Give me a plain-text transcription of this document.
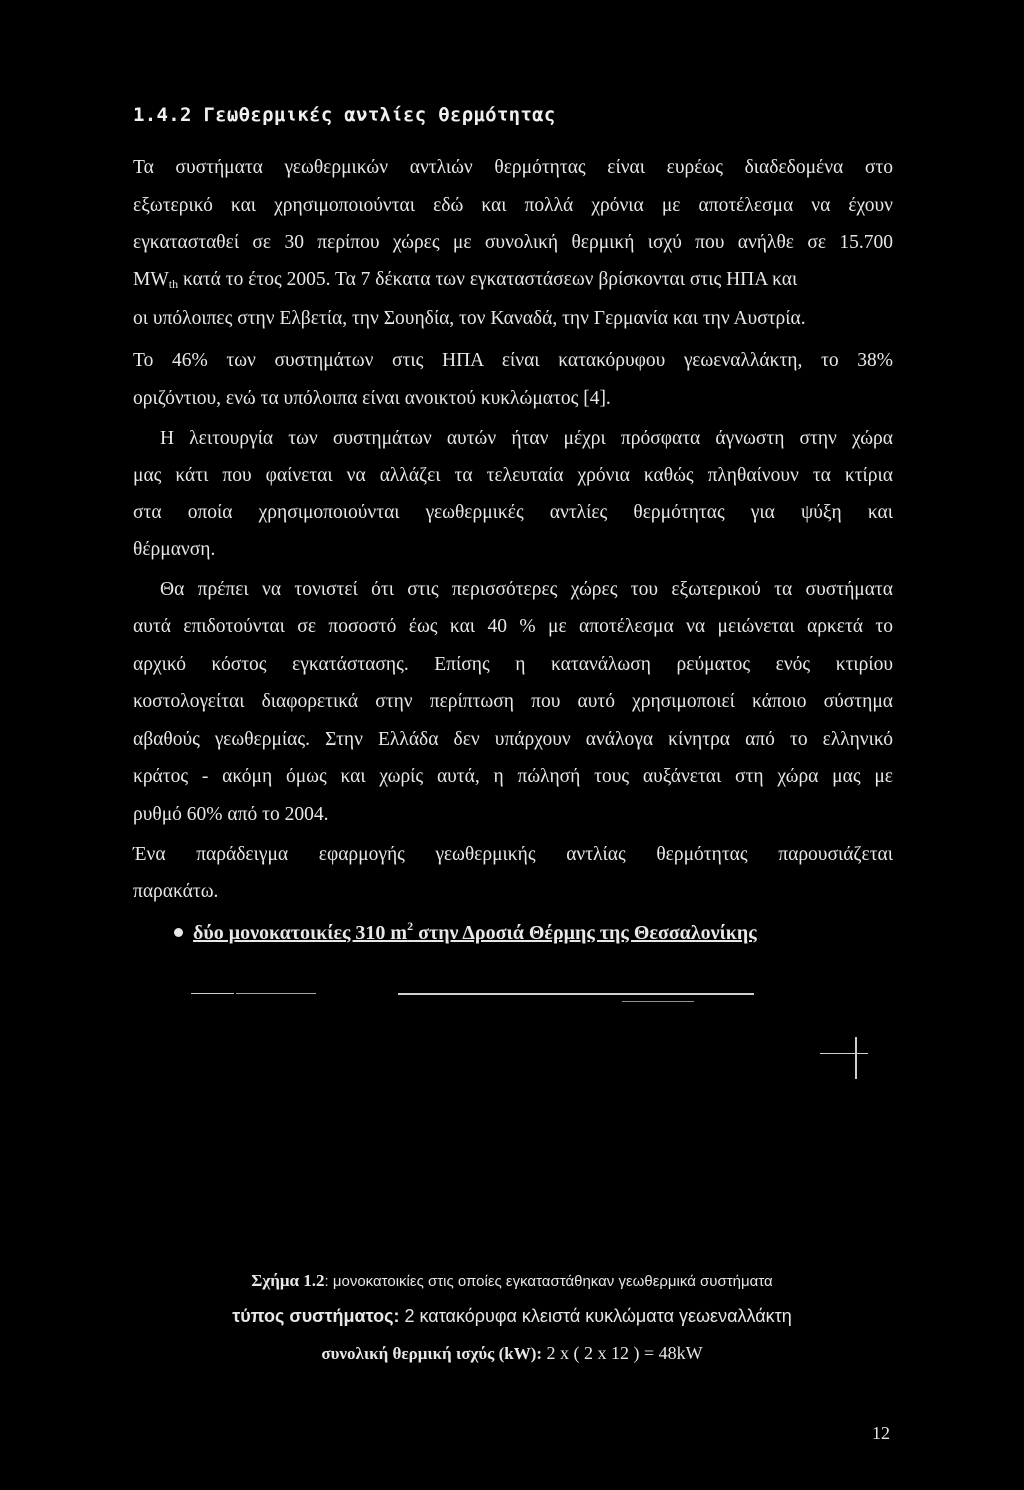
1.4.2 Γεωθερμικές αντλίες θερμότητας
Τα συστήματα γεωθερμικών αντλιών θερμότητας είναι ευρέως διαδεδομένα στο
εξωτερικό και χρησιμοποιούνται εδώ και πολλά χρόνια με αποτέλεσμα να έχουν
εγκατασταθεί σε 30 περίπου χώρες με συνολική θερμική ισχύ που ανήλθε σε 15.700
$MW_{th}$ κατά το έτος 2005. Τα 7 δέκατα των εγκαταστάσεων βρίσκονται στις ΗΠΑ και
οι υπόλοιπες στην Ελβετία, την Σουηδία, τον Καναδά, την Γερμανία και την Αυστρία.
Το 46% των συστημάτων στις ΗΠΑ είναι κατακόρυφου γεωεναλλάκτη, το 38%
οριζόντιου, ενώ τα υπόλοιπα είναι ανοικτού κυκλώματος [4].
Η λειτουργία των συστημάτων αυτών ήταν μέχρι πρόσφατα άγνωστη στην χώρα
μας κάτι που φαίνεται να αλλάζει τα τελευταία χρόνια καθώς πληθαίνουν τα κτίρια
στα οποία χρησιμοποιούνται γεωθερμικές αντλίες θερμότητας για ψύξη και
θέρμανση.
Θα πρέπει να τονιστεί ότι στις περισσότερες χώρες του εξωτερικού τα συστήματα
αυτά επιδοτούνται σε ποσοστό έως και 40 % με αποτέλεσμα να μειώνεται αρκετά το
αρχικό κόστος εγκατάστασης. Επίσης η κατανάλωση ρεύματος ενός κτιρίου
κοστολογείται διαφορετικά στην περίπτωση που αυτό χρησιμοποιεί κάποιο σύστημα
αβαθούς γεωθερμίας. Στην Ελλάδα δεν υπάρχουν ανάλογα κίνητρα από το ελληνικό
κράτος - ακόμη όμως και χωρίς αυτά, η πώλησή τους αυξάνεται στη χώρα μας με
ρυθμό 60% από το 2004.
Ένα παράδειγμα εφαρμογής γεωθερμικής αντλίας θερμότητας παρουσιάζεται
παρακάτω.
δύο μονοκατοικίες 310 $m^2$ στην Δροσιά Θέρμης της Θεσσαλονίκης
Σχήμα 1.2: μονοκατοικίες στις οποίες εγκαταστάθηκαν γεωθερμικά συστήματα
τύπος συστήματος: 2 κατακόρυφα κλειστά κυκλώματα γεωεναλλάκτη
συνολική θερμική ισχύς (kW): 2 x ( 2 x 12 ) = 48kW
12
